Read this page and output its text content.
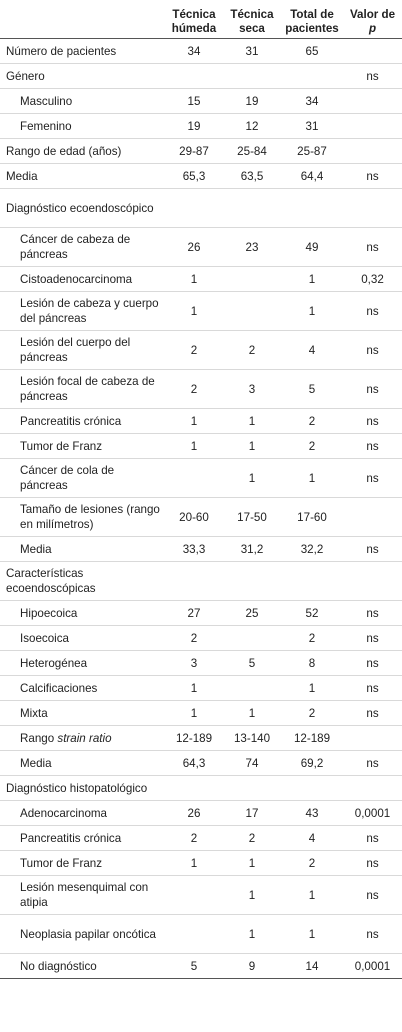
	Técnica húmeda	Técnica seca	Total de pacientes	Valor de p
Número de pacientes	34	31	65	
Género				ns
Masculino	15	19	34	
Femenino	19	12	31	
Rango de edad (años)	29-87	25-84	25-87	
Media	65,3	63,5	64,4	ns
Diagnóstico ecoendoscópico				
Cáncer de cabeza de páncreas	26	23	49	ns
Cistoadenocarcinoma	1		1	0,32
Lesión de cabeza y cuerpo del páncreas	1		1	ns
Lesión del cuerpo del páncreas	2	2	4	ns
Lesión focal de cabeza de páncreas	2	3	5	ns
Pancreatitis crónica	1	1	2	ns
Tumor de Franz	1	1	2	ns
Cáncer de cola de páncreas		1	1	ns
Tamaño de lesiones (rango en milímetros)	20-60	17-50	17-60	
Media	33,3	31,2	32,2	ns
Características ecoendoscópicas				
Hipoecoica	27	25	52	ns
Isoecoica	2		2	ns
Heterogénea	3	5	8	ns
Calcificaciones	1		1	ns
Mixta	1	1	2	ns
Rango strain ratio	12-189	13-140	12-189	
Media	64,3	74	69,2	ns
Diagnóstico histopatológico				
Adenocarcinoma	26	17	43	0,0001
Pancreatitis crónica	2	2	4	ns
Tumor de Franz	1	1	2	ns
Lesión mesenquimal con atipia		1	1	ns
Neoplasia papilar oncótica		1	1	ns
No diagnóstico	5	9	14	0,0001
